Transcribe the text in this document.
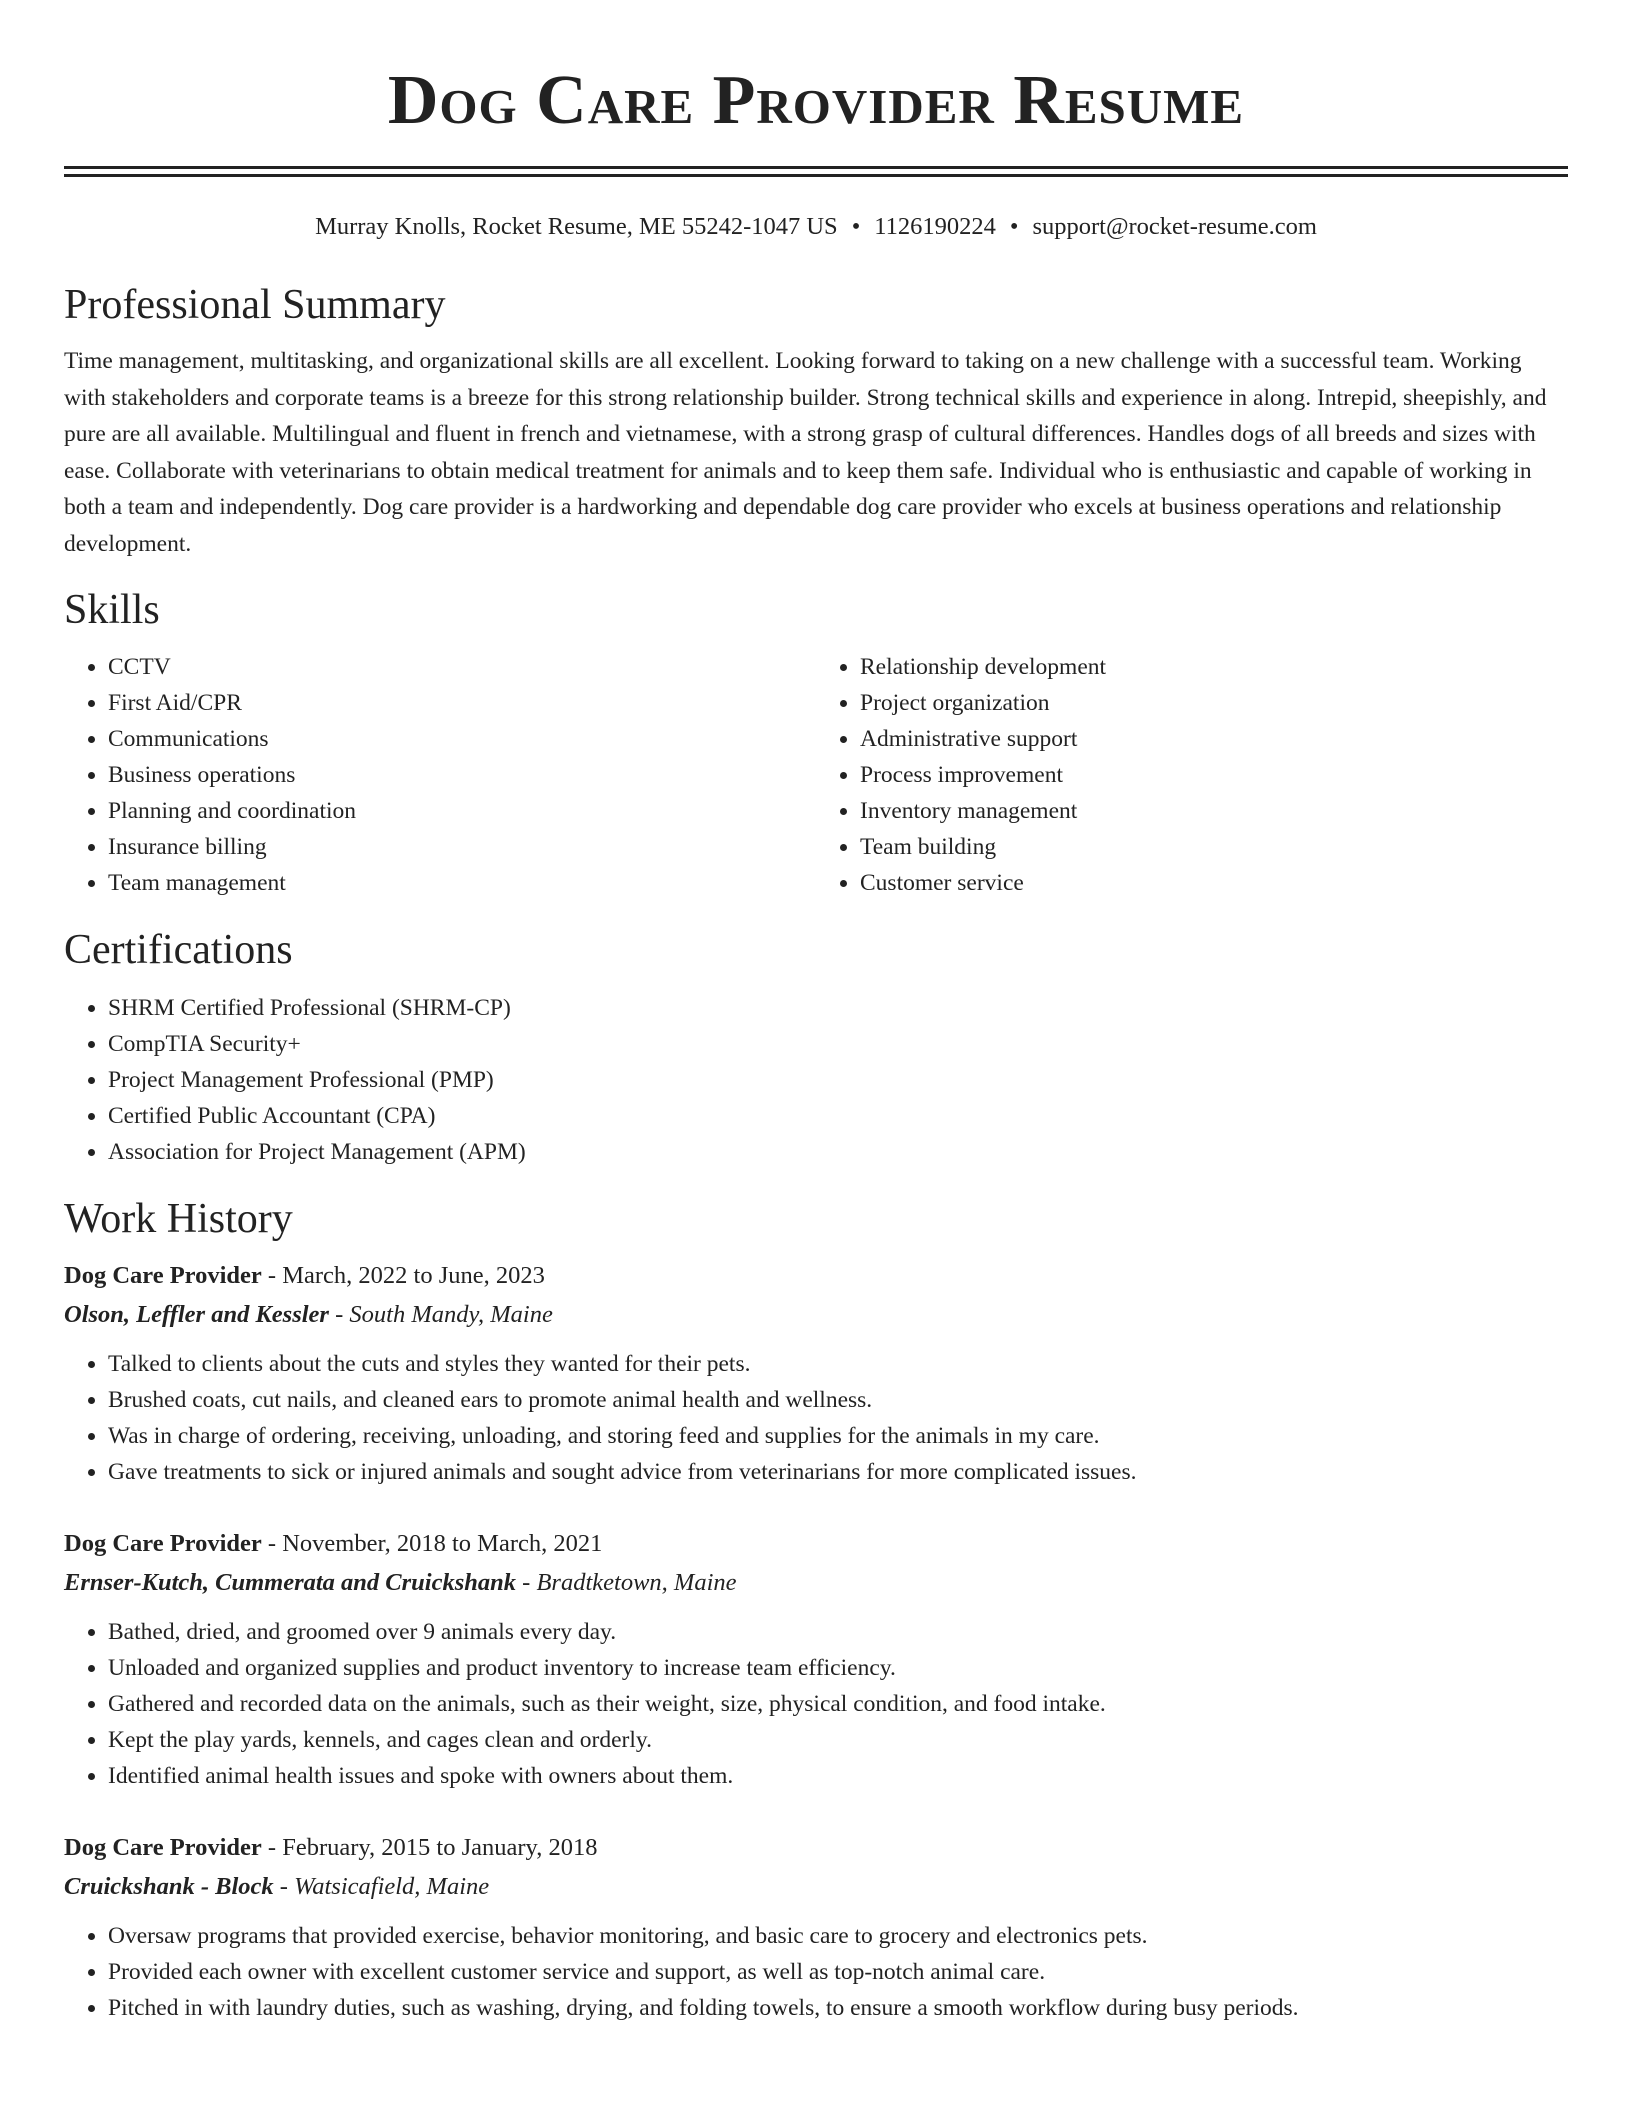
Dog Care Provider Resume
Murray Knolls, Rocket Resume, ME 55242-1047 US • 1126190224 • support@rocket-resume.com
Professional Summary

Time management, multitasking, and organizational skills are all excellent. Looking forward to taking on a new challenge with a successful team. Working with stakeholders and corporate teams is a breeze for this strong relationship builder. Strong technical skills and experience in along. Intrepid, sheepishly, and pure are all available. Multilingual and fluent in french and vietnamese, with a strong grasp of cultural differences. Handles dogs of all breeds and sizes with ease. Collaborate with veterinarians to obtain medical treatment for animals and to keep them safe. Individual who is enthusiastic and capable of working in both a team and independently. Dog care provider is a hardworking and dependable dog care provider who excels at business operations and relationship development.

Skills
• CCTV
• First Aid/CPR
• Communications
• Business operations
• Planning and coordination
• Insurance billing
• Team management
• Relationship development
• Project organization
• Administrative support
• Process improvement
• Inventory management
• Team building
• Customer service
Certifications
• SHRM Certified Professional (SHRM-CP)
• CompTIA Security+
• Project Management Professional (PMP)
• Certified Public Accountant (CPA)
• Association for Project Management (APM)
Work History
Dog Care Provider - March, 2022 to June, 2023
Olson, Leffler and Kessler - South Mandy, Maine
• Talked to clients about the cuts and styles they wanted for their pets.
• Brushed coats, cut nails, and cleaned ears to promote animal health and wellness.
• Was in charge of ordering, receiving, unloading, and storing feed and supplies for the animals in my care.
• Gave treatments to sick or injured animals and sought advice from veterinarians for more complicated issues.
Dog Care Provider - November, 2018 to March, 2021
Ernser-Kutch, Cummerata and Cruickshank - Bradtketown, Maine
• Bathed, dried, and groomed over 9 animals every day.
• Unloaded and organized supplies and product inventory to increase team efficiency.
• Gathered and recorded data on the animals, such as their weight, size, physical condition, and food intake.
• Kept the play yards, kennels, and cages clean and orderly.
• Identified animal health issues and spoke with owners about them.
Dog Care Provider - February, 2015 to January, 2018
Cruickshank - Block - Watsicafield, Maine
• Oversaw programs that provided exercise, behavior monitoring, and basic care to grocery and electronics pets.
• Provided each owner with excellent customer service and support, as well as top-notch animal care.
• Pitched in with laundry duties, such as washing, drying, and folding towels, to ensure a smooth workflow during busy periods.
